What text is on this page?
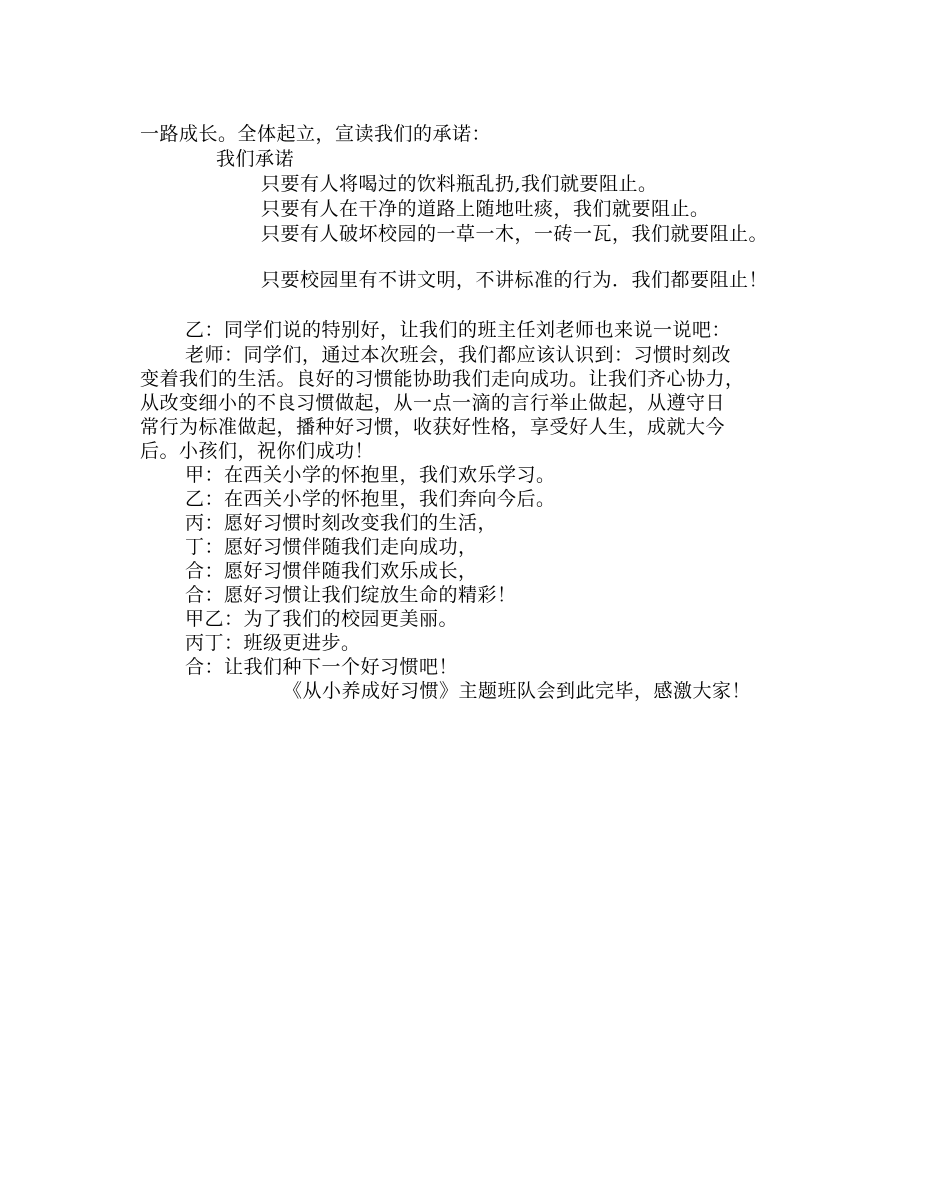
一路成长。全体起立，宣读我们的承诺：
我们承诺
只要有人将喝过的饮料瓶乱扔,我们就要阻止。
只要有人在干净的道路上随地吐痰，我们就要阻止。
只要有人破坏校园的一草一木，一砖一瓦，我们就要阻止。
只要校园里有不讲文明，不讲标准的行为．我们都要阻止！
乙：同学们说的特别好，让我们的班主任刘老师也来说一说吧：
老师：同学们，通过本次班会，我们都应该认识到：习惯时刻改
变着我们的生活。良好的习惯能协助我们走向成功。让我们齐心协力，
从改变细小的不良习惯做起，从一点一滴的言行举止做起，从遵守日
常行为标准做起，播种好习惯，收获好性格，享受好人生，成就大今
后。小孩们，祝你们成功！
甲：在西关小学的怀抱里，我们欢乐学习。
乙：在西关小学的怀抱里，我们奔向今后。
丙：愿好习惯时刻改变我们的生活，
丁：愿好习惯伴随我们走向成功，
合：愿好习惯伴随我们欢乐成长，
合：愿好习惯让我们绽放生命的精彩！
甲乙：为了我们的校园更美丽。
丙丁：班级更进步。
合：让我们种下一个好习惯吧！
《从小养成好习惯》主题班队会到此完毕，感激大家！
